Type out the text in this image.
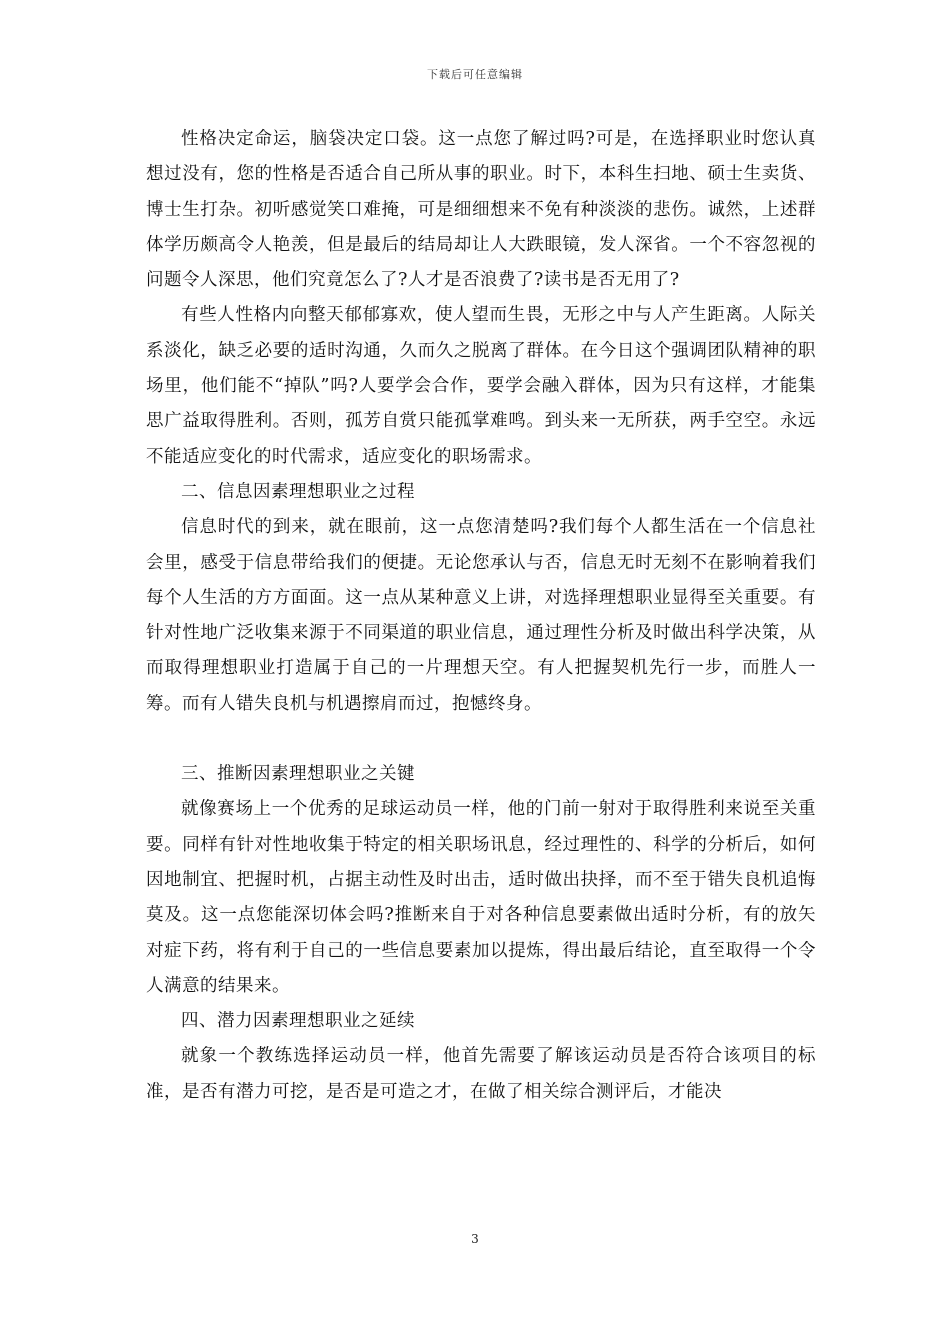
下载后可任意编辑

性格决定命运，脑袋决定口袋。这一点您了解过吗?可是，在选择职业时您认真想过没有，您的性格是否适合自己所从事的职业。时下，本科生扫地、硕士生卖货、博士生打杂。初听感觉笑口难掩，可是细细想来不免有种淡淡的悲伤。诚然，上述群体学历颇高令人艳羡，但是最后的结局却让人大跌眼镜，发人深省。一个不容忽视的问题令人深思，他们究竟怎么了?人才是否浪费了?读书是否无用了?

有些人性格内向整天郁郁寡欢，使人望而生畏，无形之中与人产生距离。人际关系淡化，缺乏必要的适时沟通，久而久之脱离了群体。在今日这个强调团队精神的职场里，他们能不“掉队”吗?人要学会合作，要学会融入群体，因为只有这样，才能集思广益取得胜利。否则，孤芳自赏只能孤掌难鸣。到头来一无所获，两手空空。永远不能适应变化的时代需求，适应变化的职场需求。

二、信息因素理想职业之过程

信息时代的到来，就在眼前，这一点您清楚吗?我们每个人都生活在一个信息社会里，感受于信息带给我们的便捷。无论您承认与否，信息无时无刻不在影响着我们每个人生活的方方面面。这一点从某种意义上讲，对选择理想职业显得至关重要。有针对性地广泛收集来源于不同渠道的职业信息，通过理性分析及时做出科学决策，从而取得理想职业打造属于自己的一片理想天空。有人把握契机先行一步，而胜人一筹。而有人错失良机与机遇擦肩而过，抱憾终身。

三、推断因素理想职业之关键

就像赛场上一个优秀的足球运动员一样，他的门前一射对于取得胜利来说至关重要。同样有针对性地收集于特定的相关职场讯息，经过理性的、科学的分析后，如何因地制宜、把握时机，占据主动性及时出击，适时做出抉择，而不至于错失良机追悔莫及。这一点您能深切体会吗?推断来自于对各种信息要素做出适时分析，有的放矢对症下药，将有利于自己的一些信息要素加以提炼，得出最后结论，直至取得一个令人满意的结果来。

四、潜力因素理想职业之延续

就象一个教练选择运动员一样，他首先需要了解该运动员是否符合该项目的标准，是否有潜力可挖，是否是可造之才，在做了相关综合测评后，才能决

3
